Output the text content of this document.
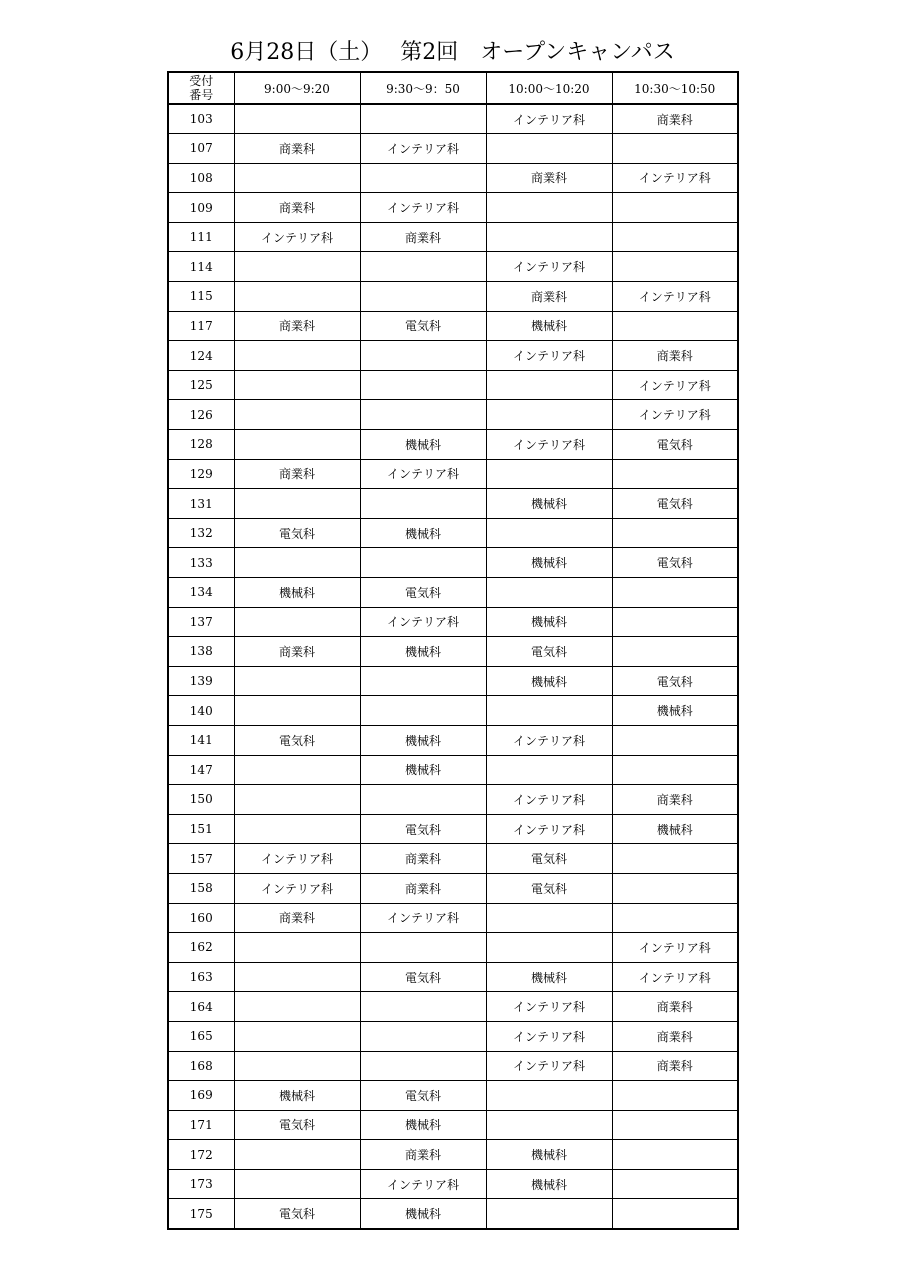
6月28日（土）　 第2回　オープンキャンパス
受付
番号	9:00〜9:20	9:30〜9：50	10:00〜10:20	10:30〜10:50
103			インテリア科	商業科
107	商業科	インテリア科		
108			商業科	インテリア科
109	商業科	インテリア科		
111	インテリア科	商業科		
114			インテリア科	
115			商業科	インテリア科
117	商業科	電気科	機械科	
124			インテリア科	商業科
125				インテリア科
126				インテリア科
128		機械科	インテリア科	電気科
129	商業科	インテリア科		
131			機械科	電気科
132	電気科	機械科		
133			機械科	電気科
134	機械科	電気科		
137		インテリア科	機械科	
138	商業科	機械科	電気科	
139			機械科	電気科
140				機械科
141	電気科	機械科	インテリア科	
147		機械科		
150			インテリア科	商業科
151		電気科	インテリア科	機械科
157	インテリア科	商業科	電気科	
158	インテリア科	商業科	電気科	
160	商業科	インテリア科		
162				インテリア科
163		電気科	機械科	インテリア科
164			インテリア科	商業科
165			インテリア科	商業科
168			インテリア科	商業科
169	機械科	電気科		
171	電気科	機械科		
172		商業科	機械科	
173		インテリア科	機械科	
175	電気科	機械科		
